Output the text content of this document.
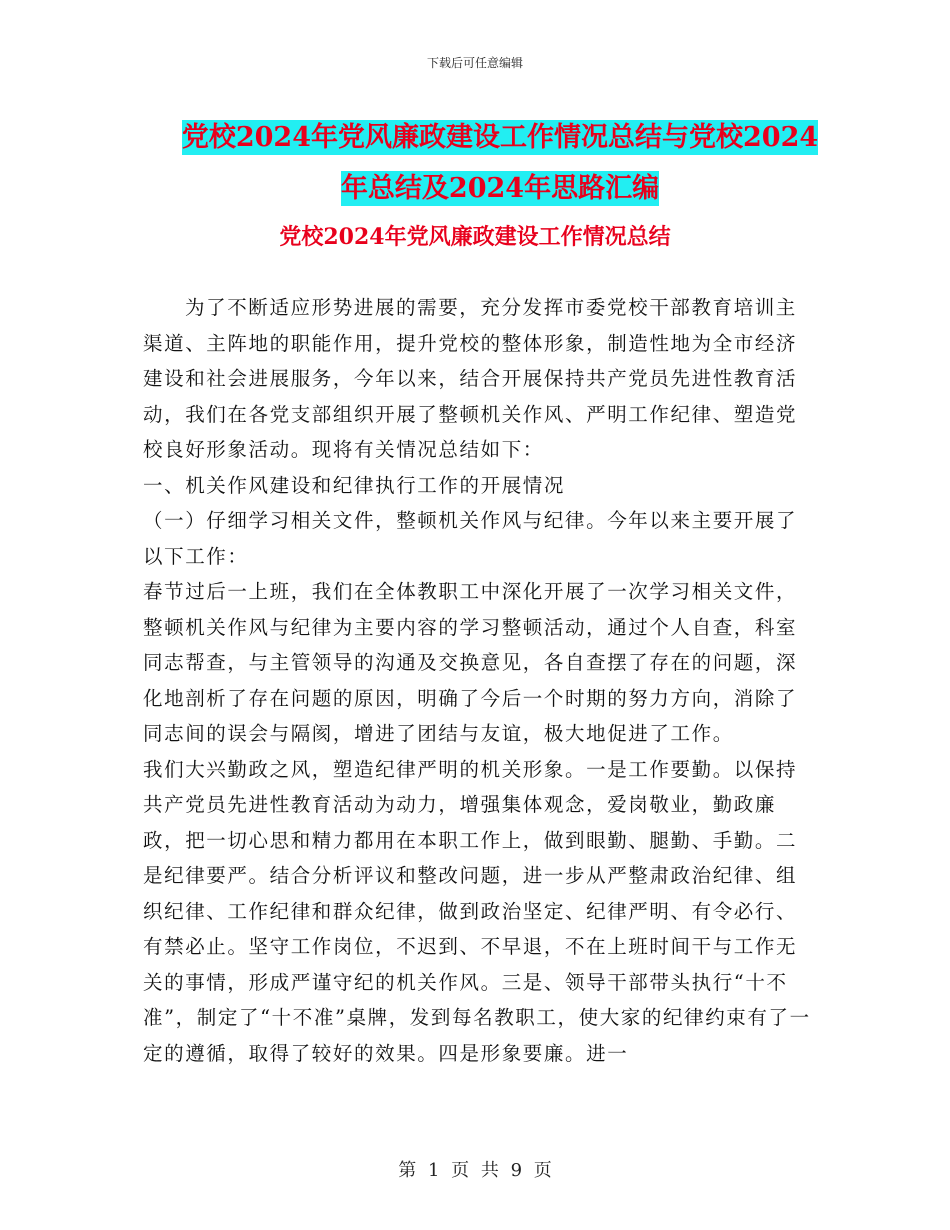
下载后可任意编辑
党校2024年党风廉政建设工作情况总结与党校2024
年总结及2024年思路汇编
党校2024年党风廉政建设工作情况总结

为了不断适应形势进展的需要，充分发挥市委党校干部教育培训主渠道、主阵地的职能作用，提升党校的整体形象，制造性地为全市经济建设和社会进展服务，今年以来，结合开展保持共产党员先进性教育活动，我们在各党支部组织开展了整顿机关作风、严明工作纪律、塑造党校良好形象活动。现将有关情况总结如下：

一、机关作风建设和纪律执行工作的开展情况

（一）仔细学习相关文件，整顿机关作风与纪律。今年以来主要开展了以下工作：

春节过后一上班，我们在全体教职工中深化开展了一次学习相关文件，整顿机关作风与纪律为主要内容的学习整顿活动，通过个人自查，科室同志帮查，与主管领导的沟通及交换意见，各自查摆了存在的问题，深化地剖析了存在问题的原因，明确了今后一个时期的努力方向，消除了同志间的误会与隔阂，增进了团结与友谊，极大地促进了工作。

我们大兴勤政之风，塑造纪律严明的机关形象。一是工作要勤。以保持共产党员先进性教育活动为动力，增强集体观念，爱岗敬业，勤政廉政，把一切心思和精力都用在本职工作上，做到眼勤、腿勤、手勤。二是纪律要严。结合分析评议和整改问题，进一步从严整肃政治纪律、组织纪律、工作纪律和群众纪律，做到政治坚定、纪律严明、有令必行、有禁必止。坚守工作岗位，不迟到、不早退，不在上班时间干与工作无关的事情，形成严谨守纪的机关作风。三是、领导干部带头执行“十不准”，制定了“十不准”桌牌，发到每名教职工，使大家的纪律约束有了一定的遵循，取得了较好的效果。四是形象要廉。进一

第 1 页 共 9 页
